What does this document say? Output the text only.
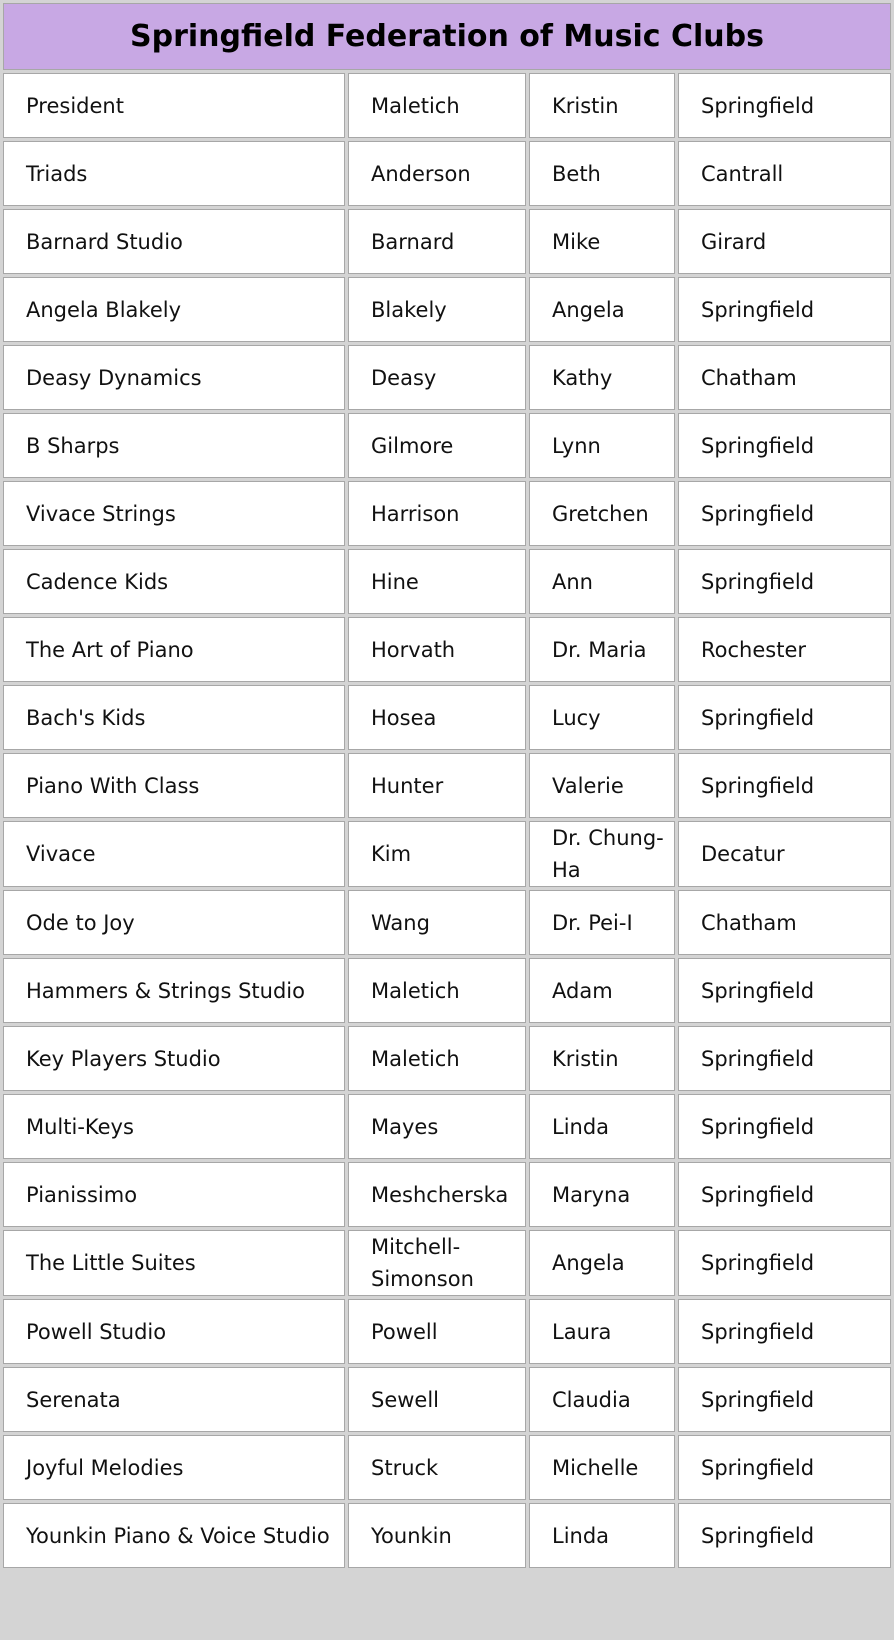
Springfield Federation of Music Clubs			
President	Maletich	Kristin	Springfield
Triads	Anderson	Beth	Cantrall
Barnard Studio	Barnard	Mike	Girard
Angela Blakely	Blakely	Angela	Springfield
Deasy Dynamics	Deasy	Kathy	Chatham
B Sharps	Gilmore	Lynn	Springfield
Vivace Strings	Harrison	Gretchen	Springfield
Cadence Kids	Hine	Ann	Springfield
The Art of Piano	Horvath	Dr. Maria	Rochester
Bach's Kids	Hosea	Lucy	Springfield
Piano With Class	Hunter	Valerie	Springfield
Vivace	Kim	Dr. Chung-Ha	Decatur
Ode to Joy	Wang	Dr. Pei-I	Chatham
Hammers & Strings Studio	Maletich	Adam	Springfield
Key Players Studio	Maletich	Kristin	Springfield
Multi-Keys	Mayes	Linda	Springfield
Pianissimo	Meshcherska	Maryna	Springfield
The Little Suites	Mitchell-Simonson	Angela	Springfield
Powell Studio	Powell	Laura	Springfield
Serenata	Sewell	Claudia	Springfield
Joyful Melodies	Struck	Michelle	Springfield
Younkin Piano & Voice Studio	Younkin	Linda	Springfield
